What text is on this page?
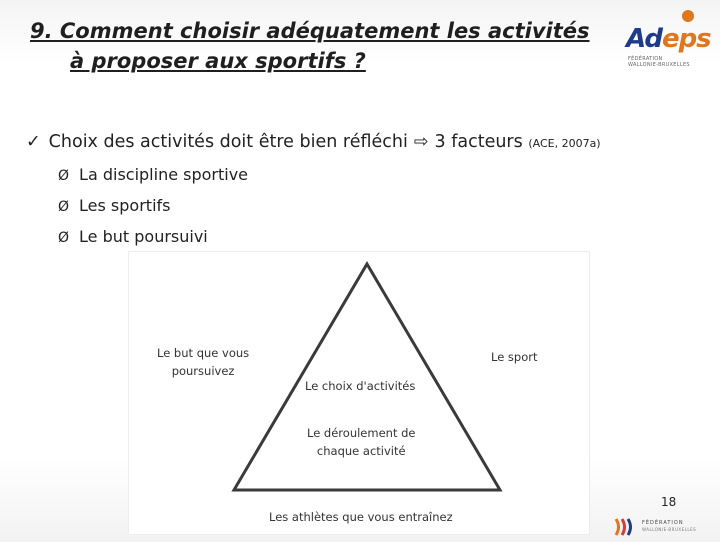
9. Comment choisir adéquatement les activités
à proposer aux sportifs ?
Adeps
FÉDÉRATION
WALLONIE-BRUXELLES
✓ Choix des activités doit être bien réfléchi ⇨ 3 facteurs (ACE, 2007a)
Ø La discipline sportive
Ø Les sportifs
Ø Le but poursuivi
Le but que vous
poursuivez
Le sport
Le choix d'activités
Le déroulement de
chaque activité
Les athlètes que vous entraînez
18
FÉDÉRATION
WALLONIE-BRUXELLES
